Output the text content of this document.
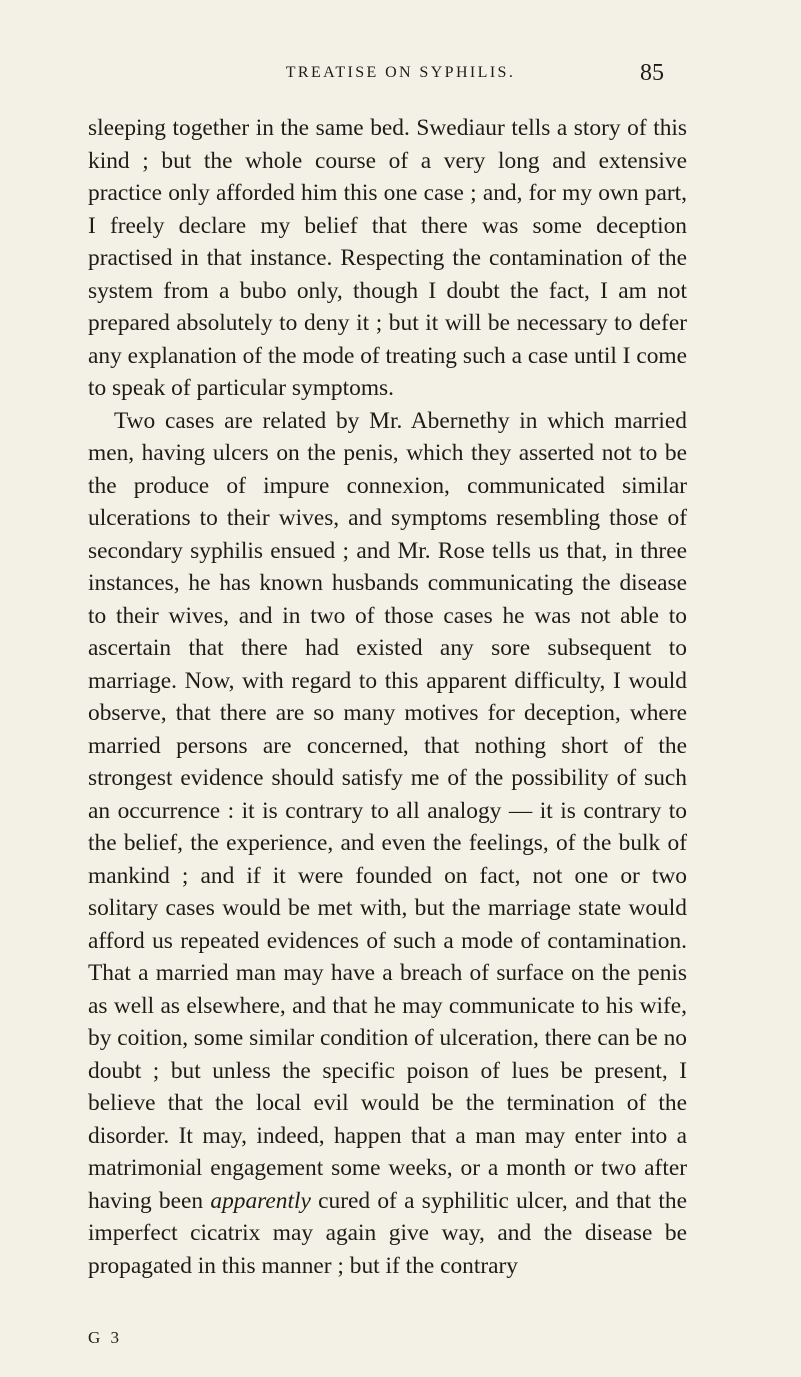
TREATISE ON SYPHILIS.	85

sleeping together in the same bed. Swediaur tells a story of this kind ; but the whole course of a very long and extensive practice only afforded him this one case ; and, for my own part, I freely declare my belief that there was some deception practised in that instance. Respecting the contamination of the system from a bubo only, though I doubt the fact, I am not prepared absolutely to deny it ; but it will be necessary to defer any explanation of the mode of treating such a case until I come to speak of particular symptoms.

Two cases are related by Mr. Abernethy in which married men, having ulcers on the penis, which they asserted not to be the produce of impure connexion, communicated similar ulcerations to their wives, and symptoms resembling those of secondary syphilis ensued ; and Mr. Rose tells us that, in three instances, he has known husbands communicating the disease to their wives, and in two of those cases he was not able to ascertain that there had existed any sore subsequent to marriage. Now, with regard to this apparent difficulty, I would observe, that there are so many motives for deception, where married persons are concerned, that nothing short of the strongest evidence should satisfy me of the possibility of such an occurrence : it is contrary to all analogy — it is contrary to the belief, the experience, and even the feelings, of the bulk of mankind ; and if it were founded on fact, not one or two solitary cases would be met with, but the marriage state would afford us repeated evidences of such a mode of contamination. That a married man may have a breach of surface on the penis as well as elsewhere, and that he may communicate to his wife, by coition, some similar condition of ulceration, there can be no doubt ; but unless the specific poison of lues be present, I believe that the local evil would be the termination of the disorder. It may, indeed, happen that a man may enter into a matrimonial engagement some weeks, or a month or two after having been apparently cured of a syphilitic ulcer, and that the imperfect cicatrix may again give way, and the disease be propagated in this manner ; but if the contrary

G 3
